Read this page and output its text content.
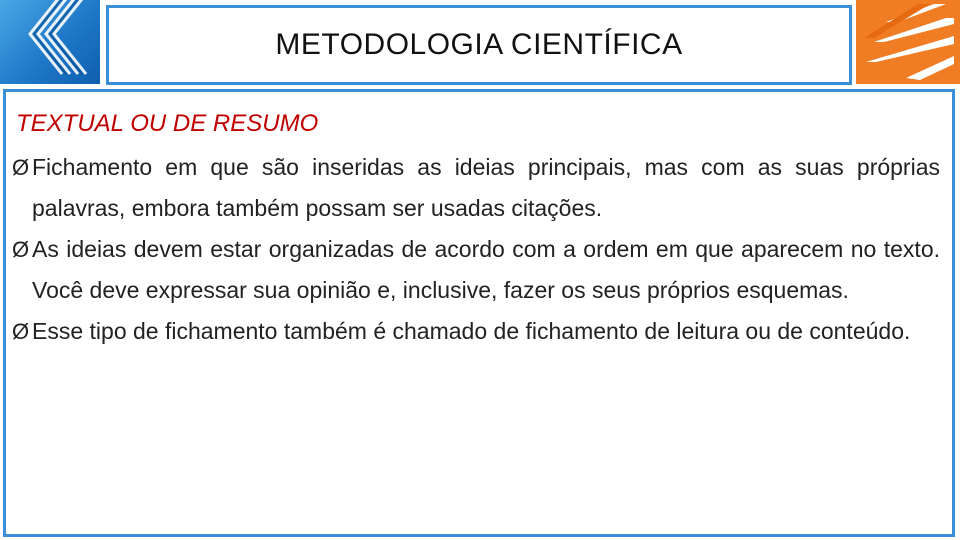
METODOLOGIA CIENTÍFICA
TEXTUAL OU DE RESUMO
Ø Fichamento em que são inseridas as ideias principais, mas com as suas próprias palavras, embora também possam ser usadas citações.
Ø As ideias devem estar organizadas de acordo com a ordem em que aparecem no texto. Você deve expressar sua opinião e, inclusive, fazer os seus próprios esquemas.
Ø Esse tipo de fichamento também é chamado de fichamento de leitura ou de conteúdo.
